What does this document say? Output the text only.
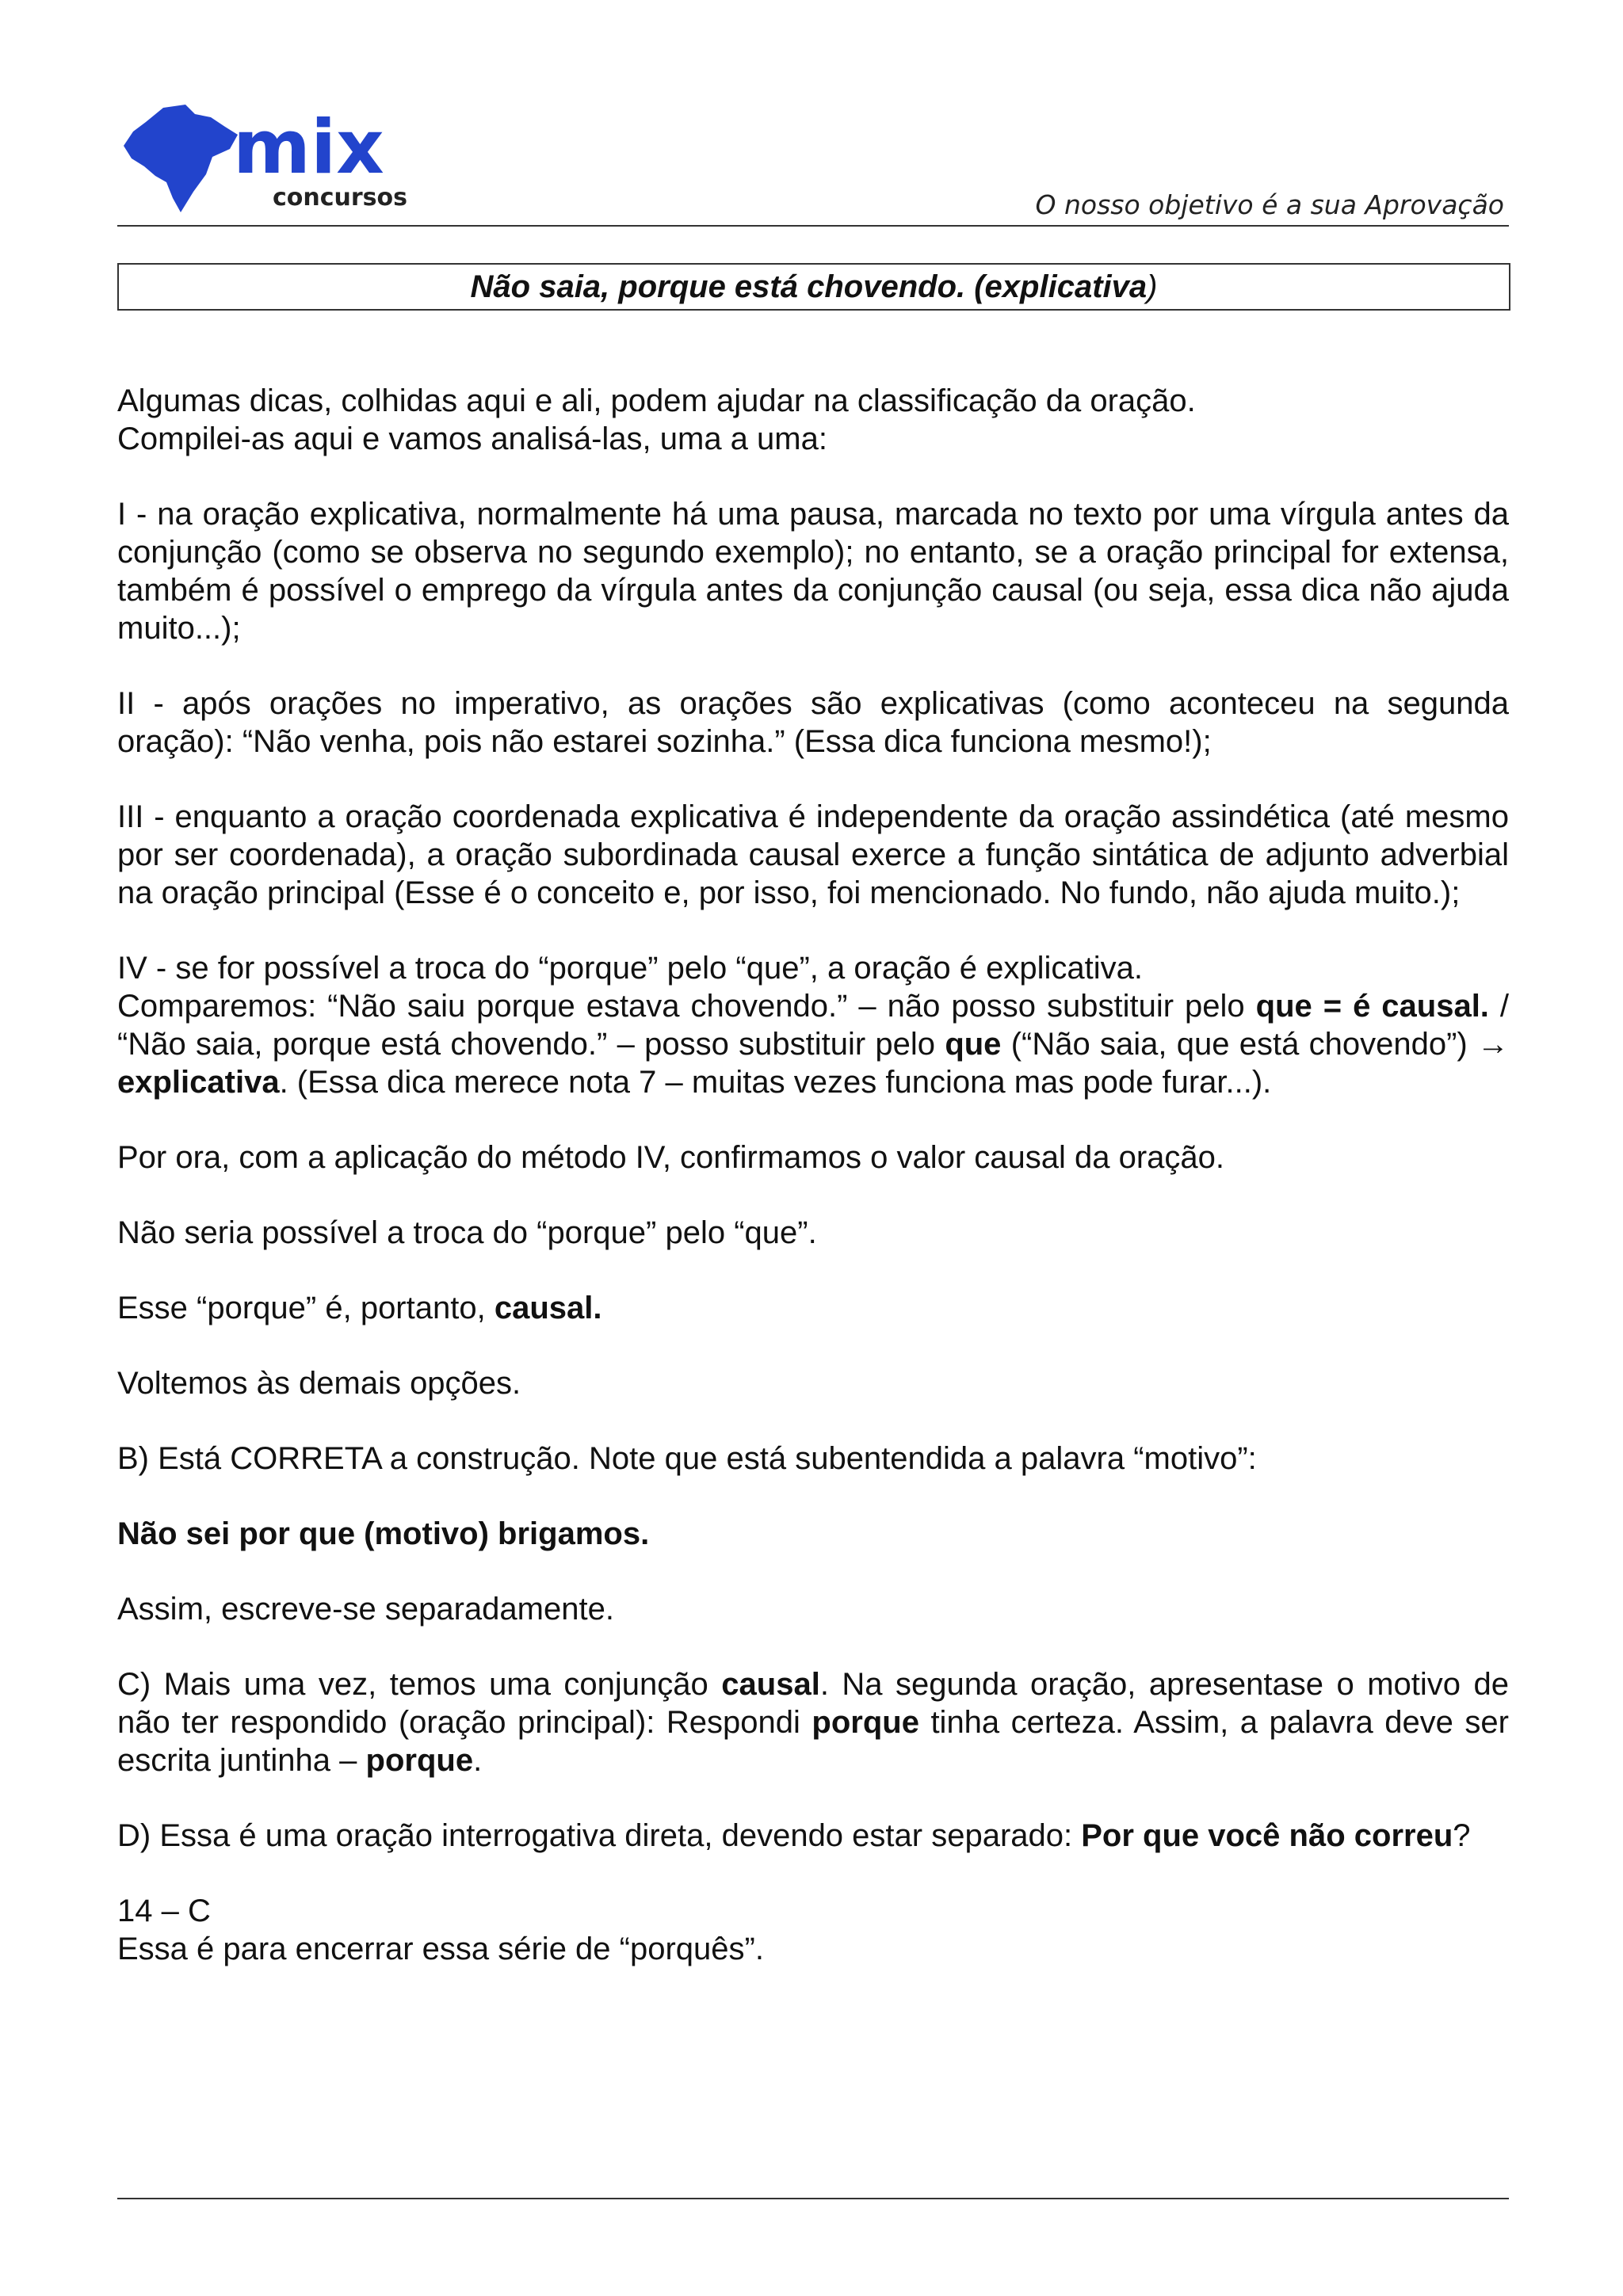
mix
concursos	O nosso objetivo é a sua Aprovação
Não saia, porque está chovendo. (explicativa)

Algumas dicas, colhidas aqui e ali, podem ajudar na classificação da oração.

Compilei-as aqui e vamos analisá-las, uma a uma:

I - na oração explicativa, normalmente há uma pausa, marcada no texto por uma vírgula antes da conjunção (como se observa no segundo exemplo); no entanto, se a oração principal for extensa, também é possível o emprego da vírgula antes da conjunção causal (ou seja, essa dica não ajuda muito...);

II - após orações no imperativo, as orações são explicativas (como aconteceu na segunda oração): “Não venha, pois não estarei sozinha.” (Essa dica funciona mesmo!);

III - enquanto a oração coordenada explicativa é independente da oração assindética (até mesmo por ser coordenada), a oração subordinada causal exerce a função sintática de adjunto adverbial na oração principal (Esse é o conceito e, por isso, foi mencionado. No fundo, não ajuda muito.);

IV - se for possível a troca do “porque” pelo “que”, a oração é explicativa.

Comparemos: “Não saiu porque estava chovendo.” – não posso substituir pelo que = é causal. / “Não saia, porque está chovendo.” – posso substituir pelo que (“Não saia, que está chovendo”) → explicativa. (Essa dica merece nota 7 – muitas vezes funciona mas pode furar...).

Por ora, com a aplicação do método IV, confirmamos o valor causal da oração.

Não seria possível a troca do “porque” pelo “que”.

Esse “porque” é, portanto, causal.

Voltemos às demais opções.

B) Está CORRETA a construção. Note que está subentendida a palavra “motivo”:

Não sei por que (motivo) brigamos.

Assim, escreve-se separadamente.

C) Mais uma vez, temos uma conjunção causal. Na segunda oração, apresentase o motivo de não ter respondido (oração principal): Respondi porque tinha certeza. Assim, a palavra deve ser escrita juntinha – porque.

D) Essa é uma oração interrogativa direta, devendo estar separado: Por que você não correu?

14 – C

Essa é para encerrar essa série de “porquês”.
